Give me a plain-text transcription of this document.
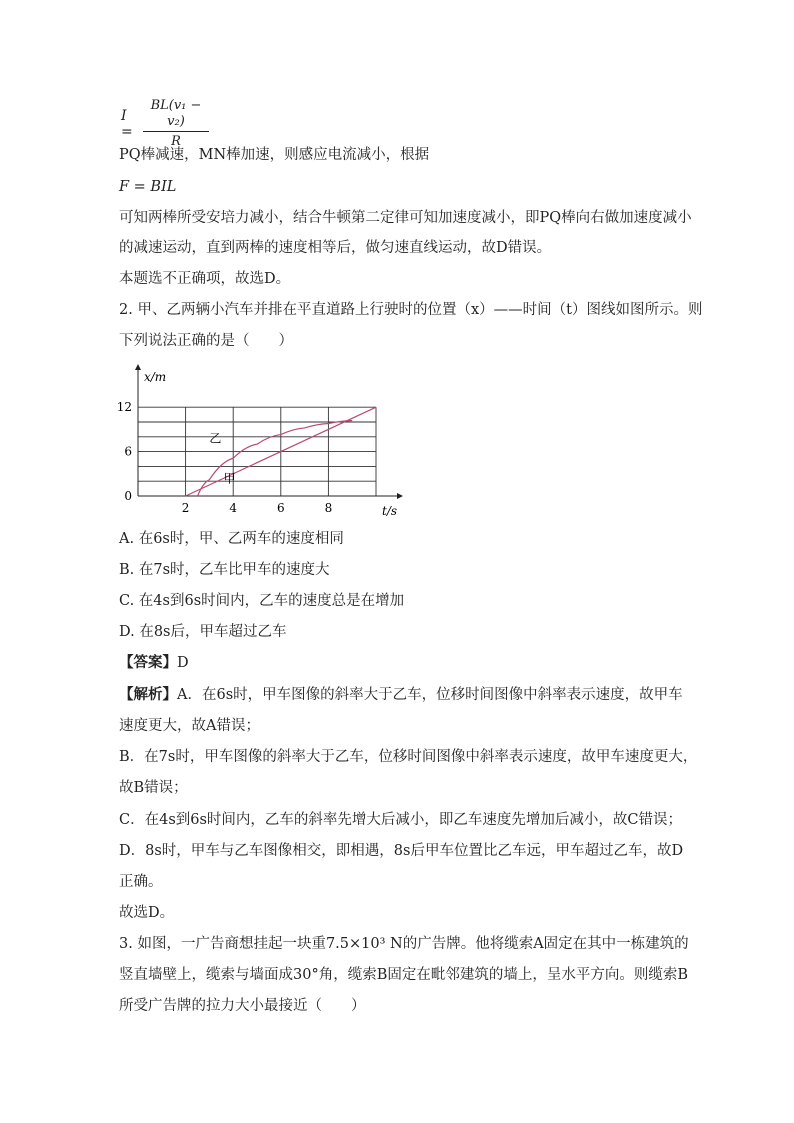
I =
BL(v₁ − v₂)
R
PQ棒减速，MN棒加速，则感应电流减小，根据
F = BIL
可知两棒所受安培力减小，结合牛顿第二定律可知加速度减小，即PQ棒向右做加速度减小
的减速运动，直到两棒的速度相等后，做匀速直线运动，故D错误。
本题选不正确项，故选D。
2. 甲、乙两辆小汽车并排在平直道路上行驶时的位置（x）——时间（t）图线如图所示。则
下列说法正确的是（　　）
2	4	6	8
0
6
12
t/s
x/m
甲
乙
A. 在6s时，甲、乙两车的速度相同
B. 在7s时，乙车比甲车的速度大
C. 在4s到6s时间内，乙车的速度总是在增加
D. 在8s后，甲车超过乙车
【答案】D
【解析】A．在6s时，甲车图像的斜率大于乙车，位移时间图像中斜率表示速度，故甲车
速度更大，故A错误；
B．在7s时，甲车图像的斜率大于乙车，位移时间图像中斜率表示速度，故甲车速度更大，
故B错误；
C．在4s到6s时间内，乙车的斜率先增大后减小，即乙车速度先增加后减小，故C错误；
D．8s时，甲车与乙车图像相交，即相遇，8s后甲车位置比乙车远，甲车超过乙车，故D
正确。
故选D。
3. 如图，一广告商想挂起一块重7.5×10³ N的广告牌。他将缆索A固定在其中一栋建筑的
竖直墙壁上，缆索与墙面成30°角，缆索B固定在毗邻建筑的墙上，呈水平方向。则缆索B
所受广告牌的拉力大小最接近（　　）
